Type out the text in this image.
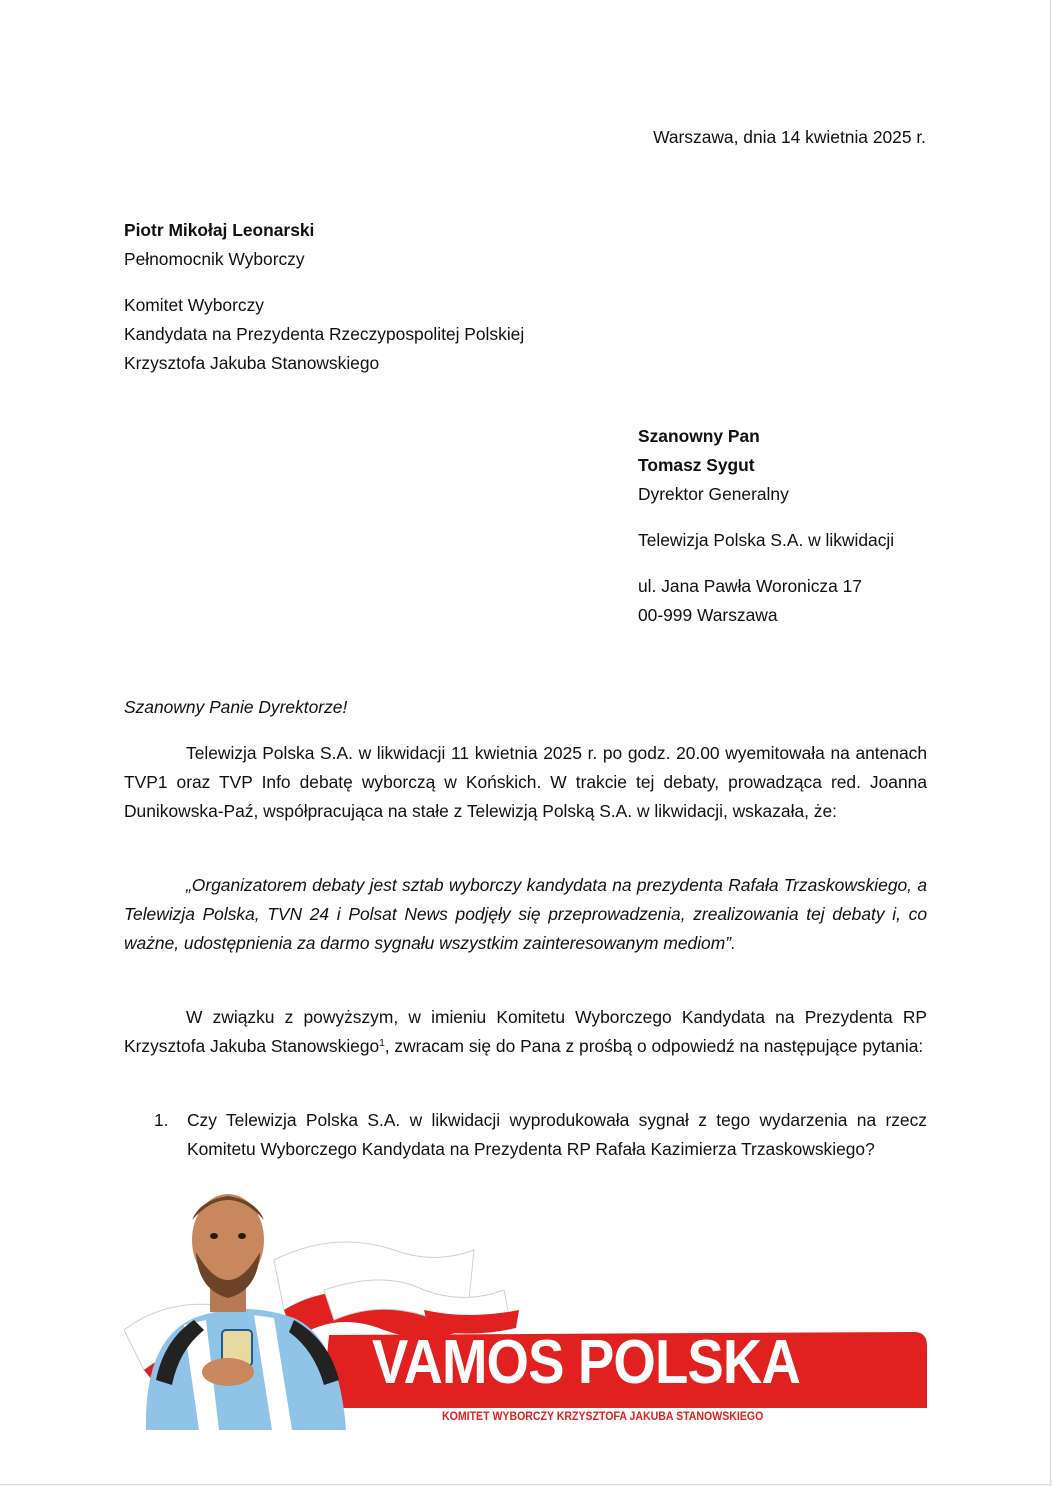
Warszawa, dnia 14 kwietnia 2025 r.
Piotr Mikołaj Leonarski
Pełnomocnik Wyborczy
Komitet Wyborczy
Kandydata na Prezydenta Rzeczypospolitej Polskiej
Krzysztofa Jakuba Stanowskiego
Szanowny Pan
Tomasz Sygut
Dyrektor Generalny
Telewizja Polska S.A. w likwidacji
ul. Jana Pawła Woronicza 17
00-999 Warszawa
Szanowny Panie Dyrektorze!

Telewizja Polska S.A. w likwidacji 11 kwietnia 2025 r. po godz. 20.00 wyemitowała na antenach TVP1 oraz TVP Info debatę wyborczą w Końskich. W trakcie tej debaty, prowadząca red. Joanna Dunikowska-Paź, współpracująca na stałe z Telewizją Polską S.A. w likwidacji, wskazała, że:

„Organizatorem debaty jest sztab wyborczy kandydata na prezydenta Rafała Trzaskowskiego, a Telewizja Polska, TVN 24 i Polsat News podjęły się przeprowadzenia, zrealizowania tej debaty i, co ważne, udostępnienia za darmo sygnału wszystkim zainteresowanym mediom”.

W związku z powyższym, w imieniu Komitetu Wyborczego Kandydata na Prezydenta RP Krzysztofa Jakuba Stanowskiego$^1$, zwracam się do Pana z prośbą o odpowiedź na następujące pytania:

1. Czy Telewizja Polska S.A. w likwidacji wyprodukowała sygnał z tego wydarzenia na rzecz Komitetu Wyborczego Kandydata na Prezydenta RP Rafała Kazimierza Trzaskowskiego?
VAMOS POLSKA
KOMITET WYBORCZY KRZYSZTOFA JAKUBA STANOWSKIEGO
